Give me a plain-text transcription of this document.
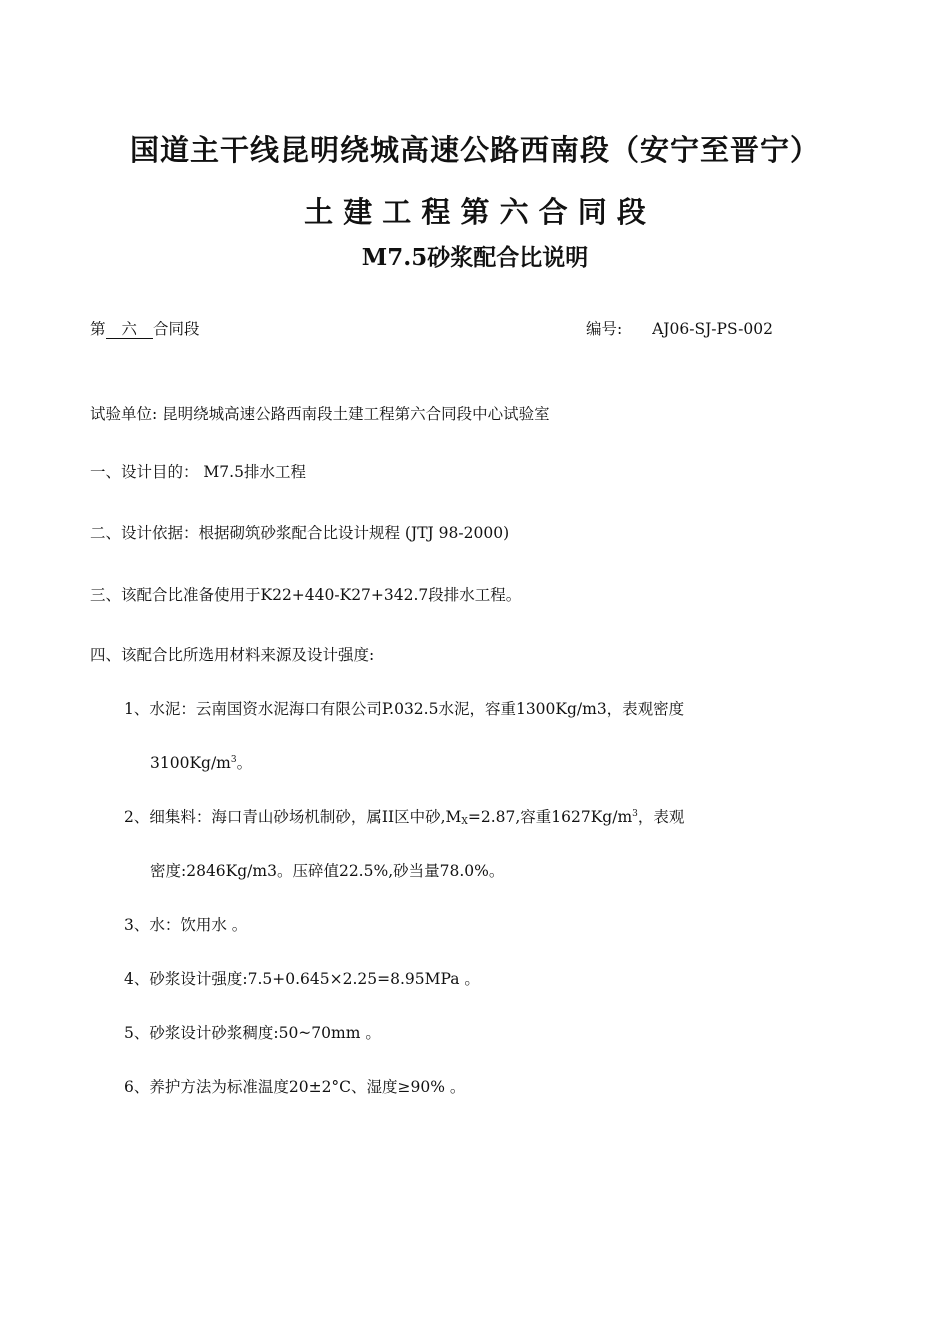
国道主干线昆明绕城高速公路西南段（安宁至晋宁）
土 建 工 程 第 六 合 同 段
M7.5砂浆配合比说明
第 六 合同段	编号: AJ06-SJ-PS-002
试验单位: 昆明绕城高速公路西南段土建工程第六合同段中心试验室
一、设计目的： M7.5排水工程
二、设计依据：根据砌筑砂浆配合比设计规程 (JTJ 98-2000)
三、该配合比准备使用于K22+440-K27+342.7段排水工程。
四、该配合比所选用材料来源及设计强度:
1、水泥：云南国资水泥海口有限公司P.032.5水泥，容重1300Kg/m3，表观密度
$3100Kg/m^3$。
2、细集料：海口青山砂场机制砂，属II区中砂$,M_X=2.87$,容重$1627Kg/m^3$，表观
密度:2846Kg/m3。压碎值22.5%,砂当量78.0%。
3、水：饮用水 。
4、砂浆设计强度:7.5+0.645×2.25=8.95MPa 。
5、砂浆设计砂浆稠度:50~70mm 。
6、养护方法为标准温度20±2°C、湿度≥90% 。
